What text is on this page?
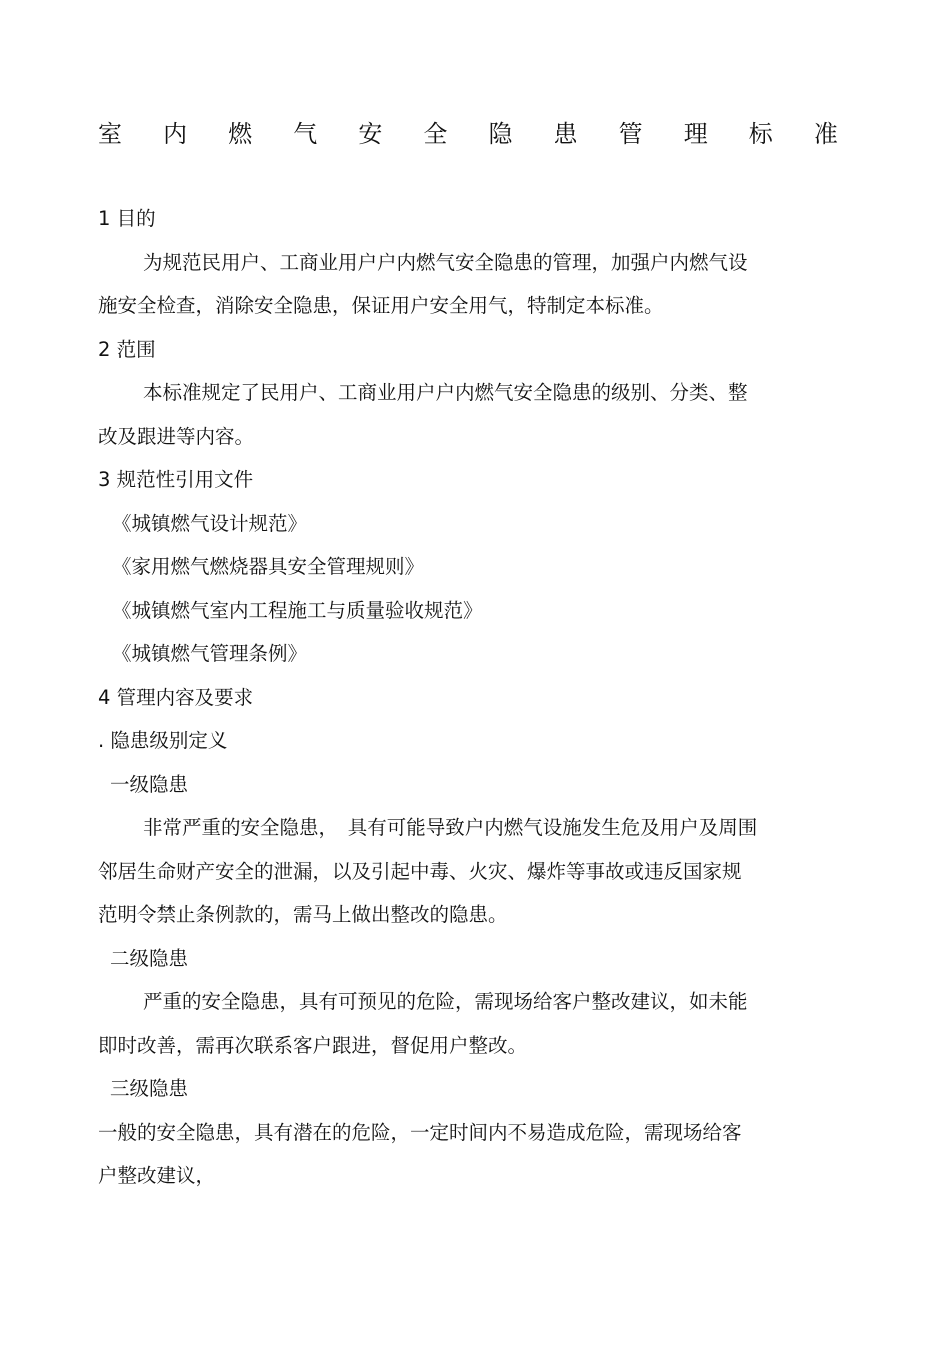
室 内 燃 气 安 全 隐 患 管 理 标 准
1 目的
为规范民用户、工商业用户户内燃气安全隐患的管理，加强户内燃气设
施安全检查，消除安全隐患，保证用户安全用气，特制定本标准。
2 范围
本标准规定了民用户、工商业用户户内燃气安全隐患的级别、分类、整
改及跟进等内容。
3 规范性引用文件
《城镇燃气设计规范》
《家用燃气燃烧器具安全管理规则》
《城镇燃气室内工程施工与质量验收规范》
《城镇燃气管理条例》
4 管理内容及要求
. 隐患级别定义
一级隐患
非常严重的安全隐患，　具有可能导致户内燃气设施发生危及用户及周围
邻居生命财产安全的泄漏，以及引起中毒、火灾、爆炸等事故或违反国家规
范明令禁止条例款的，需马上做出整改的隐患。
二级隐患
严重的安全隐患，具有可预见的危险，需现场给客户整改建议，如未能
即时改善，需再次联系客户跟进，督促用户整改。
三级隐患
一般的安全隐患，具有潜在的危险，一定时间内不易造成危险，需现场给客
户整改建议，
